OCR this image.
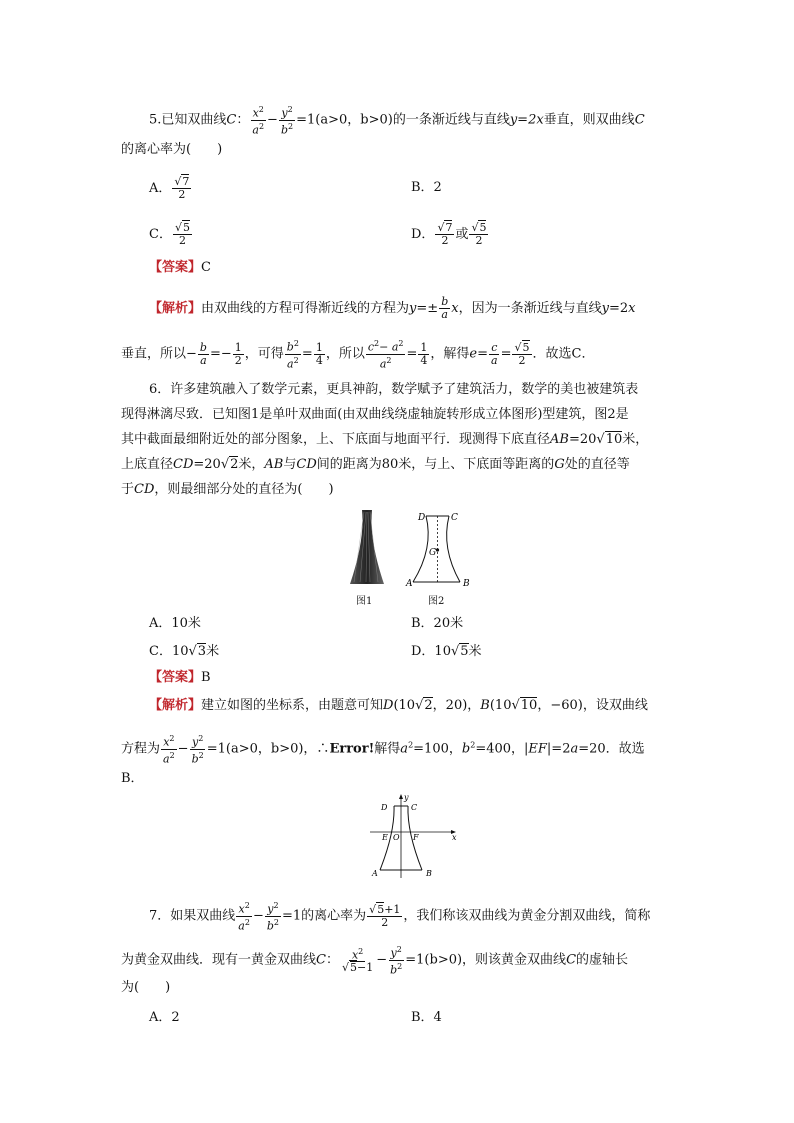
5.已知双曲线C： $\frac{x^2}{a^2} - \frac{y^2}{b^2} =1(a>0$，b>0)的一条渐近线与直线y=2x垂直，则双曲线C
的离心率为(　　)
A． $\frac{√7}{2}$	B．2
C． $\frac{√5}{2}$	D． $\frac{√7}{2}$ 或 $\frac{√5}{2}$
【答案】C
【解析】由双曲线的方程可得渐近线的方程为$y=\pm \frac{b}{a}$ x，因为一条渐近线与直线y=2x
垂直，所以− $\frac{b}{a} =- \frac{1}{2}$ ，可得 $\frac{b^2}{a^2} = \frac{1}{4}$ ，所以 $\frac{c^2- a^2}{a^2} = \frac{1}{4}$ ，解得$e= \frac{c}{a} = \frac{√5}{2}$ ．故选C．
6．许多建筑融入了数学元素，更具神韵，数学赋予了建筑活力，数学的美也被建筑表
现得淋漓尽致．已知图1是单叶双曲面(由双曲线绕虚轴旋转形成立体图形)型建筑，图2是
其中截面最细附近处的部分图象，上、下底面与地面平行．现测得下底直径AB=20√10米，
上底直径CD=20√2米，AB与CD间的距离为80米，与上、下底面等距离的G处的直径等
于CD，则最细部分处的直径为(　　)
图1
D	C
G
A	B
图2
A．10米	B．20米
C．10√3米	D．10√5米
【答案】B
【解析】建立如图的坐标系，由题意可知D(10√2，20)，B(10√10，−60)，设双曲线
方程为 $\frac{x^2}{a^2} - \frac{y^2}{b^2} =1(a>0$，b>0)，∴Error!解得$a^2=100$，$b^2=400$，|EF|=2a=20．故选
B．
D	C
y
E O F	x
A	B
7．如果双曲线 $\frac{x^2}{a^2} - \frac{y^2}{b^2} =1$的离心率为 $\frac{√5+1}{2}$ ，我们称该双曲线为黄金分割双曲线，简称
为黄金双曲线．现有一黄金双曲线C： $\frac{x^2}{√5-1} - \frac{y^2}{b^2} =1(b>0)$，则该黄金双曲线C的虚轴长
为(　　)
A．2	B．4
